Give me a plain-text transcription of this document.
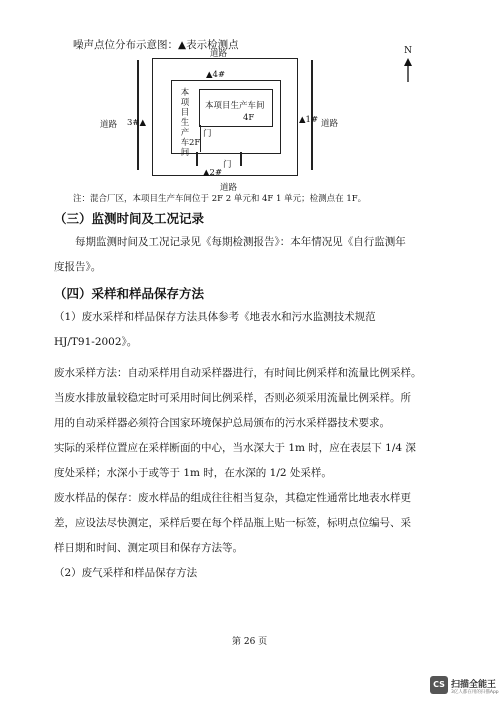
噪声点位分布示意图：▲表示检测点	N
本项目生产车间
本项目生产车间
4F
2F
门
门
▲4#
▲2#
3#▲	▲1#
道路
道路
道路	道路
注：混合厂区，本项目生产车间位于 2F 2 单元和 4F 1 单元；检测点在 1F。
（三）监测时间及工况记录
每期监测时间及工况记录见《每期检测报告》：本年情况见《自行监测年
度报告》。
（四）采样和样品保存方法
（1）废水采样和样品保存方法具体参考《地表水和污水监测技术规范
HJ/T91-2002》。
废水采样方法：自动采样用自动采样器进行，有时间比例采样和流量比例采样。
当废水排放量较稳定时可采用时间比例采样，否则必须采用流量比例采样。所
用的自动采样器必须符合国家环境保护总局颁布的污水采样器技术要求。
实际的采样位置应在采样断面的中心，当水深大于 1m 时，应在表层下 1/4 深
度处采样；水深小于或等于 1m 时，在水深的 1/2 处采样。
废水样品的保存：废水样品的组成往往相当复杂，其稳定性通常比地表水样更
差，应设法尽快测定，采样后要在每个样品瓶上贴一标签，标明点位编号、采
样日期和时间、测定项目和保存方法等。
（2）废气采样和样品保存方法
第 26 页
CS 扫描全能王
3亿人都在用的扫描App
